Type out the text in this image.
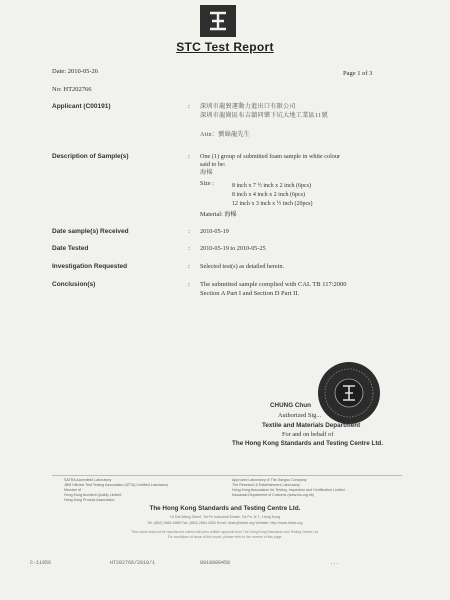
STC Test Report
Date: 2010-05-26	Page 1 of 3
No: HT202766
Applicant (C00191)	: 深圳市龍貿運動力進出口有限公司
深圳市龍崗區布吉鎮同樂下坑大地工業區11號
Attn：劉綠龍先生
Description of Sample(s)	: One (1) group of submitted foam sample in white colour
said to be:
海棉
Size :	8 inch x 7 ½ inch x 2 inch (6pcs)
8 inch x 4 inch x 2 inch (6pcs)
12 inch x 3 inch x ½ inch (20pcs)
Material: 海棉
Date sample(s) Received	: 2010-05-19
Date Tested	: 2010-05-19 to 2010-05-25
Investigation Requested	: Selected test(s) as detailed herein.
Conclusion(s)	: The submitted sample complied with CAL TB 117:2000
Section A Part I and Section D Part II.
CHUNG Chun
Authorized Sig...
Textile and Materials Department
For and on behalf of
The Hong Kong Standards and Testing Centre Ltd.
SATRA Accredited Laboratory
JBM Hillview Test Testing Association (ATTA) Certified Laboratory
Member of
Hong Kong Accident Quality Limited
Hong Kong Product Association
Approved Laboratory of The Jiangsu Company
The Research & Establishment Laboratory
Hong Kong Association for Testing, Inspection and Certification Limited
Kawasaki Department of Customs (www.ms.org.hk)
The Hong Kong Standards and Testing Centre Ltd.
10 Dai Wang Street, Tai Po Industrial Estate, Tai Po, N.T., Hong Kong
Tel: (852) 2666 1888 Fax: (852) 2664 4353 Email: hkstc@hkstc.org Website: http://www.hkstc.org
This report shall not be reproduced unless with prior written approval from The Hong Kong Standards and Testing Centre Ltd.
For conditions of issue of this report, please refer to the reverse of this page.
C-11956	HT202766/2010/1	0018808450	...
